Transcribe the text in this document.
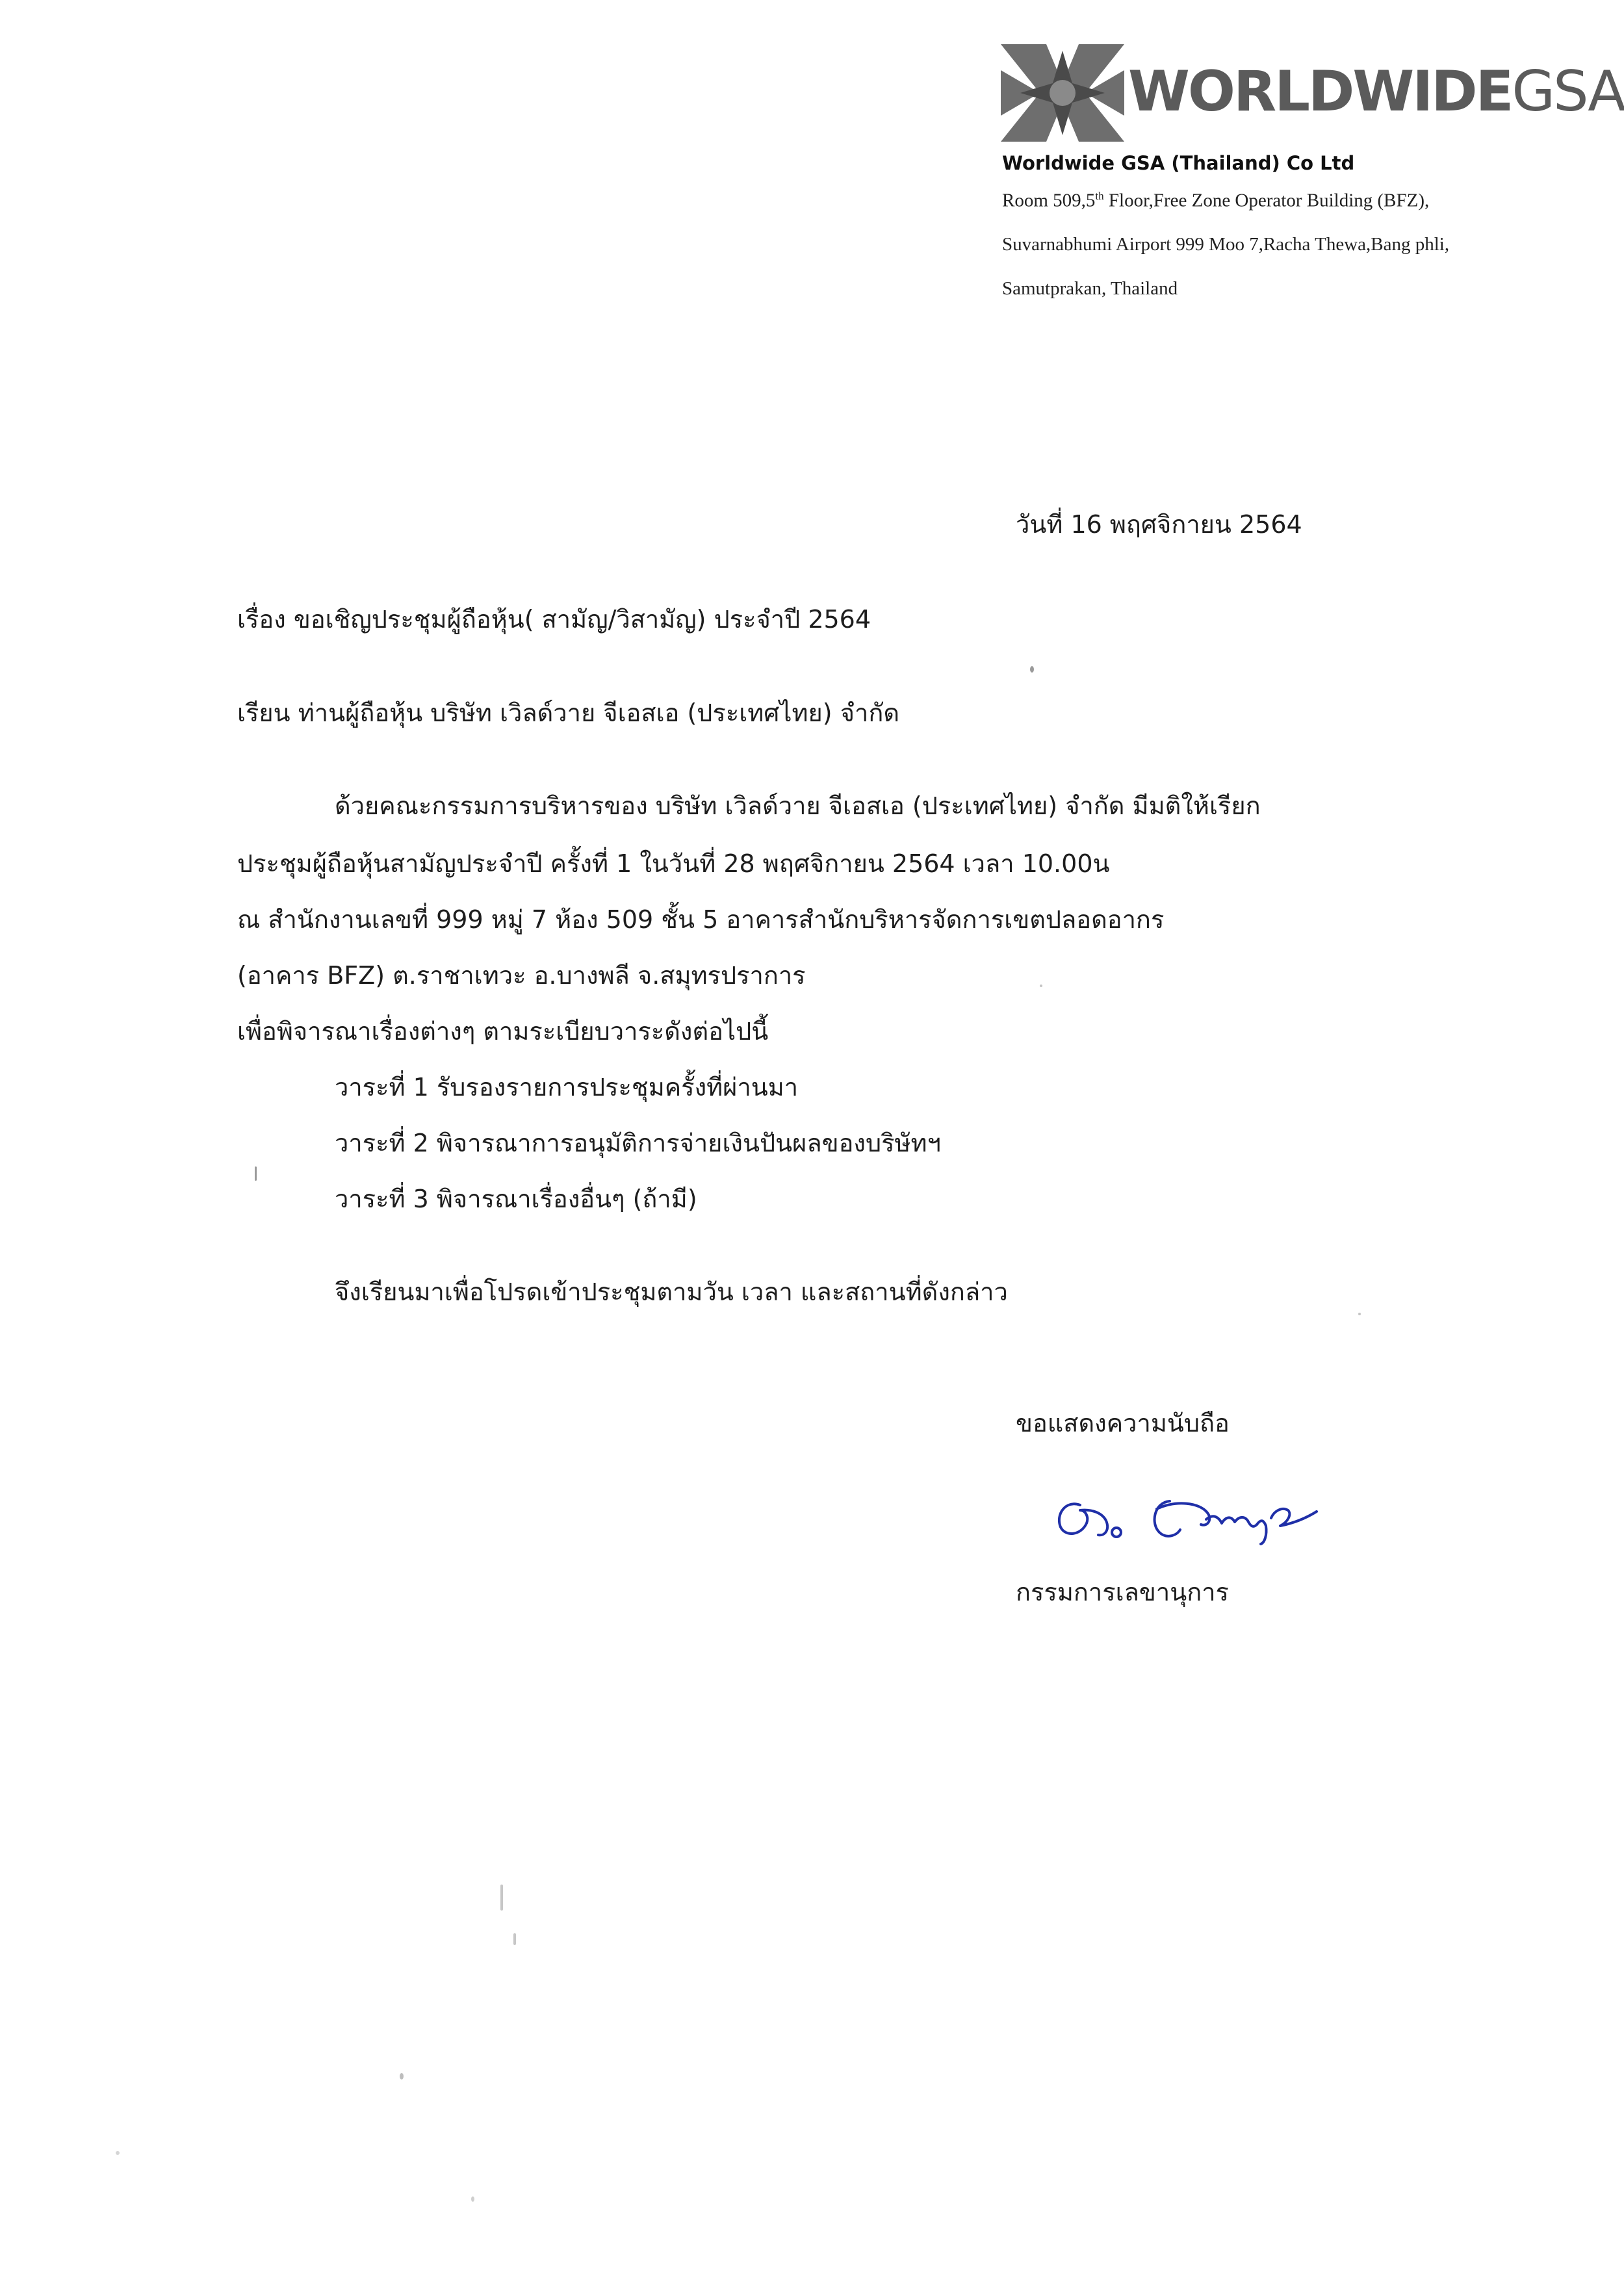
WORLDWIDEGSA
Worldwide GSA (Thailand) Co Ltd
Room 509,5th Floor,Free Zone Operator Building (BFZ),
Suvarnabhumi Airport 999 Moo 7,Racha Thewa,Bang phli,
Samutprakan, Thailand
วันที่ 16 พฤศจิกายน 2564
เรื่อง ขอเชิญประชุมผู้ถือหุ้น( สามัญ/วิสามัญ) ประจำปี 2564
เรียน ท่านผู้ถือหุ้น บริษัท เวิลด์วาย จีเอสเอ (ประเทศไทย) จำกัด
ด้วยคณะกรรมการบริหารของ บริษัท เวิลด์วาย จีเอสเอ (ประเทศไทย) จำกัด มีมติให้เรียก
ประชุมผู้ถือหุ้นสามัญประจำปี ครั้งที่ 1 ในวันที่ 28 พฤศจิกายน 2564 เวลา 10.00น
ณ สำนักงานเลขที่ 999 หมู่ 7 ห้อง 509 ชั้น 5 อาคารสำนักบริหารจัดการเขตปลอดอากร
(อาคาร BFZ) ต.ราชาเทวะ อ.บางพลี จ.สมุทรปราการ
เพื่อพิจารณาเรื่องต่างๆ ตามระเบียบวาระดังต่อไปนี้
วาระที่ 1 รับรองรายการประชุมครั้งที่ผ่านมา
วาระที่ 2 พิจารณาการอนุมัติการจ่ายเงินปันผลของบริษัทฯ
วาระที่ 3 พิจารณาเรื่องอื่นๆ (ถ้ามี)
จึงเรียนมาเพื่อโปรดเข้าประชุมตามวัน เวลา และสถานที่ดังกล่าว
ขอแสดงความนับถือ
กรรมการเลขานุการ
